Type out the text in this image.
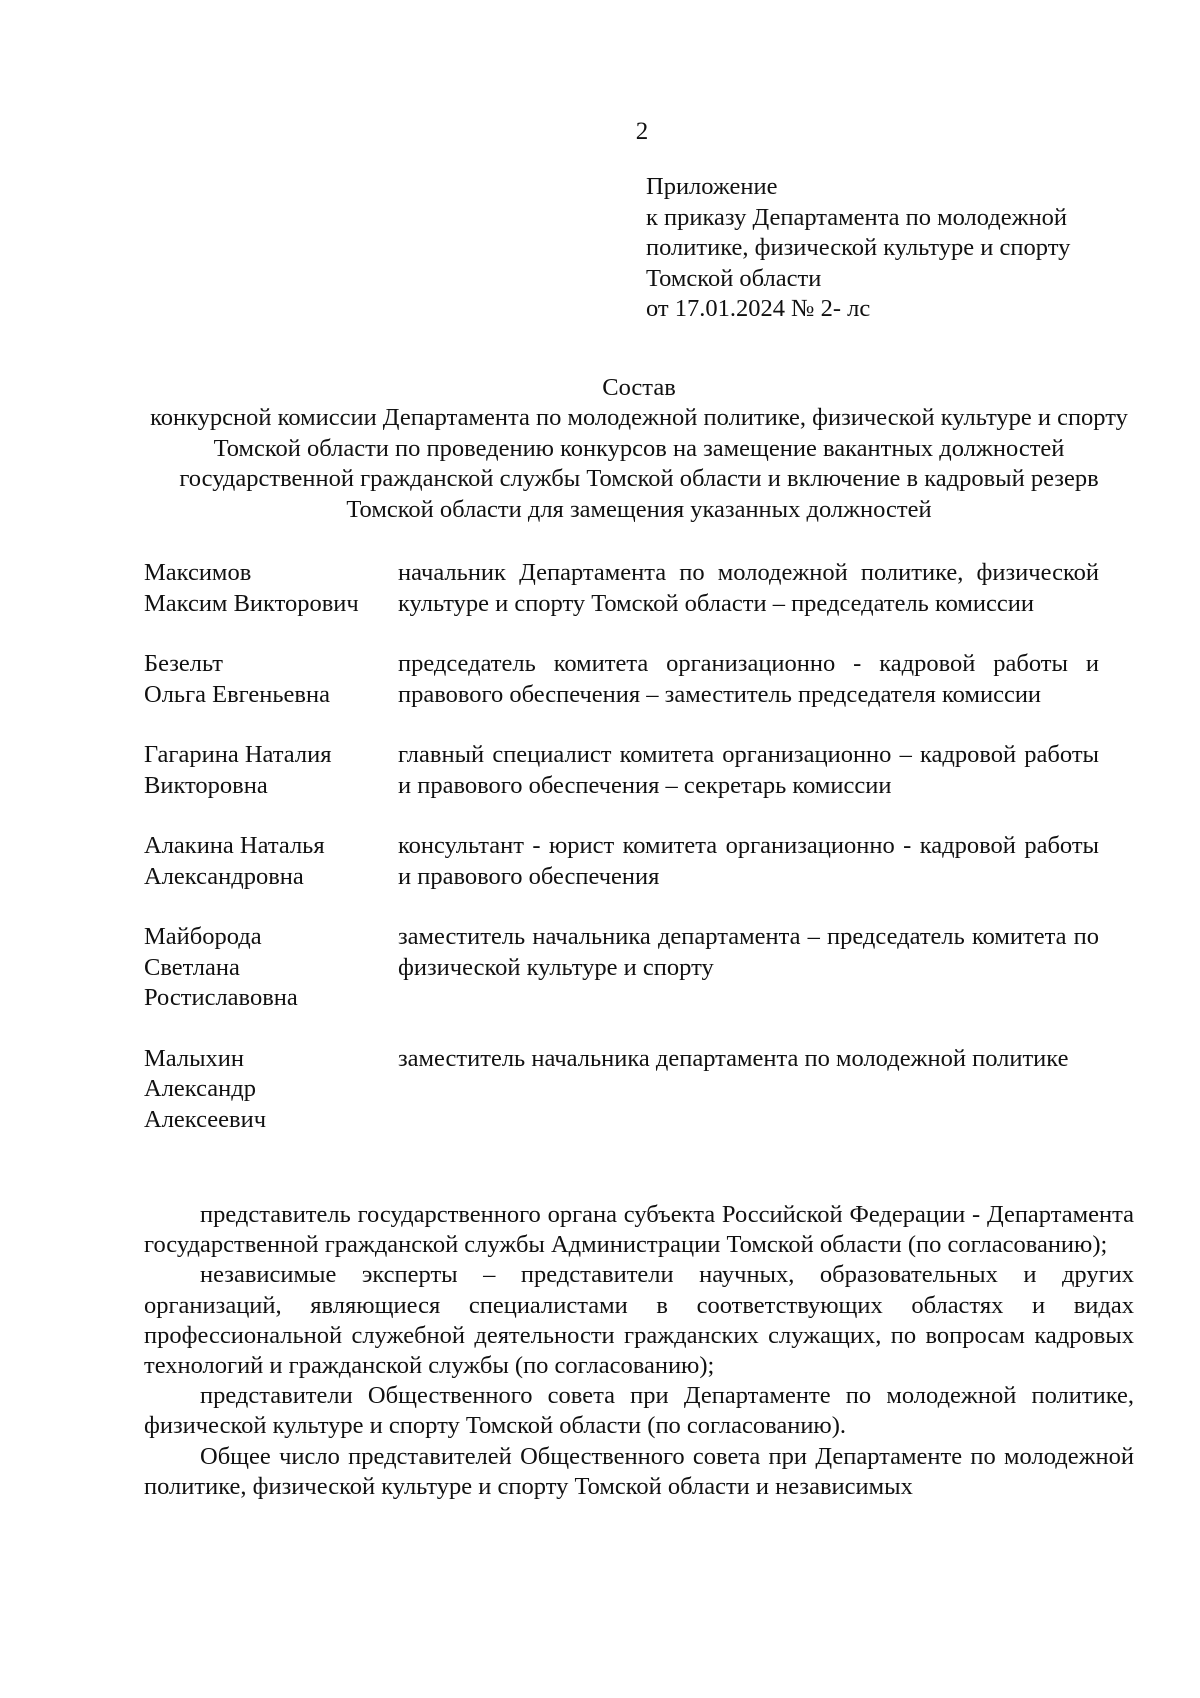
2
Приложение
к приказу Департамента по молодежной
политике, физической культуре и спорту
Томской области
от 17.01.2024 № 2- лс

Состав

конкурсной комиссии Департамента по молодежной политике, физической культуре и спорту Томской области по проведению конкурсов на замещение вакантных должностей государственной гражданской службы Томской области и включение в кадровый резерв Томской области для замещения указанных должностей

Максимов
Максим Викторович
начальник Департамента по молодежной политике, физической культуре и спорту Томской области – председатель комиссии
Безельт
Ольга Евгеньевна
председатель комитета организационно - кадровой работы и правового обеспечения – заместитель председателя комиссии
Гагарина Наталия
Викторовна
главный специалист комитета организационно – кадровой работы и правового обеспечения – секретарь комиссии
Алакина Наталья
Александровна
консультант - юрист комитета организационно - кадровой работы и правового обеспечения
Майборода
Светлана
Ростиславовна
заместитель начальника департамента – председатель комитета по физической культуре и спорту
Малыхин
Александр
Алексеевич
заместитель начальника департамента по молодежной политике

представитель государственного органа субъекта Российской Федерации - Департамента государственной гражданской службы Администрации Томской области (по согласованию);

независимые эксперты – представители научных, образовательных и других организаций, являющиеся специалистами в соответствующих областях и видах профессиональной служебной деятельности гражданских служащих, по вопросам кадровых технологий и гражданской службы (по согласованию);

представители Общественного совета при Департаменте по молодежной политике, физической культуре и спорту Томской области (по согласованию).

Общее число представителей Общественного совета при Департаменте по молодежной политике, физической культуре и спорту Томской области и независимых
